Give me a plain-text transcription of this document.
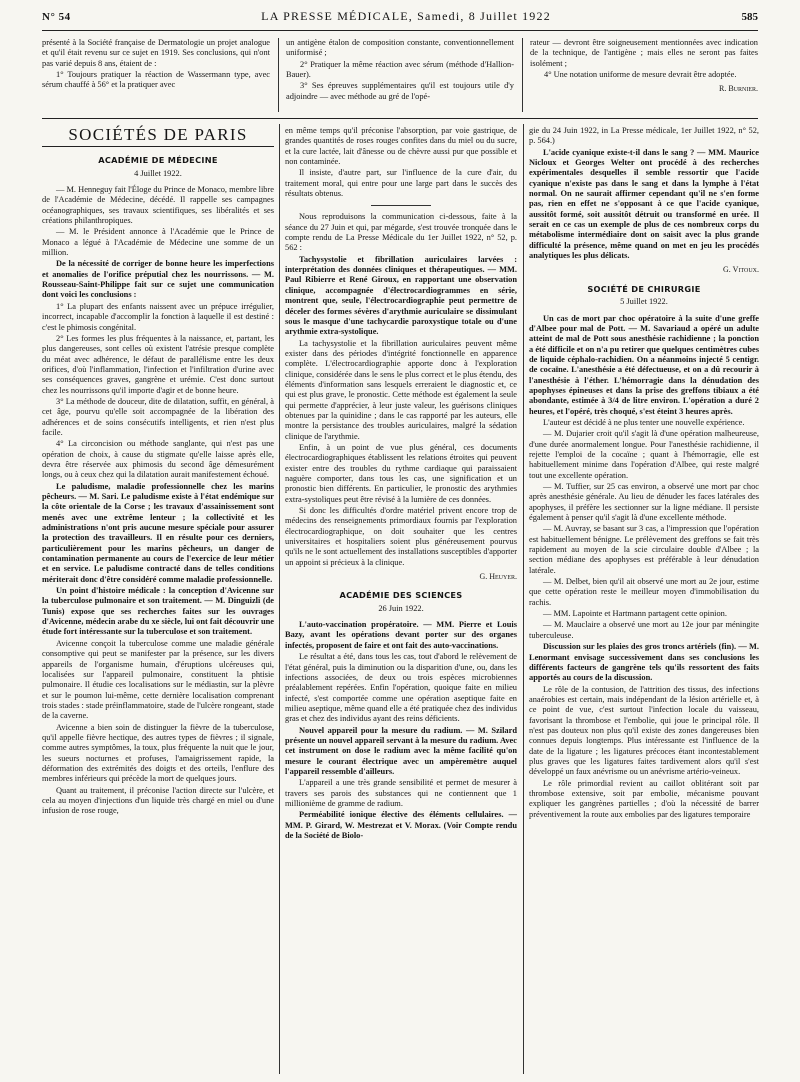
N° 54	LA PRESSE MÉDICALE, Samedi, 8 Juillet 1922	585

présenté à la Société française de Dermatologie un projet analogue et qu'il était revenu sur ce sujet en 1919. Ses conclusions, qui n'ont pas varié depuis 8 ans, étaient de :

1° Toujours pratiquer la réaction de Wassermann type, avec sérum chauffé à 56° et la pratiquer avec

un antigène étalon de composition constante, conventionnellement uniformisé ;

2° Pratiquer la même réaction avec sérum (méthode d'Hallion-Bauer).

3° Ses épreuves supplémentaires qu'il est toujours utile d'y adjoindre — avec méthode au gré de l'opé-

rateur — devront être soigneusement mentionnées avec indication de la technique, de l'antigène ; mais elles ne seront pas faites isolément ;

4° Une notation uniforme de mesure devrait être adoptée.

R. Burnier.

SOCIÉTÉS DE PARIS
ACADÉMIE DE MÉDECINE
4 Juillet 1922.

— M. Henneguy fait l'Éloge du Prince de Monaco, membre libre de l'Académie de Médecine, décédé. Il rappelle ses campagnes océanographiques, ses travaux scientifiques, ses libéralités et ses créations philanthropiques.

— M. le Président annonce à l'Académie que le Prince de Monaco a légué à l'Académie de Médecine une somme de un million.

De la nécessité de corriger de bonne heure les imperfections et anomalies de l'orifice préputial chez les nourrissons. — M. Rousseau-Saint-Philippe fait sur ce sujet une communication dont voici les conclusions :

1° La plupart des enfants naissent avec un prépuce irrégulier, incorrect, incapable d'accomplir la fonction à laquelle il est destiné : c'est le phimosis congénital.

2° Les formes les plus fréquentes à la naissance, et, partant, les plus dangereuses, sont celles où existent l'atrésie presque complète du méat avec adhérence, le défaut de parallélisme entre les deux orifices, d'où l'inflammation, l'infection et l'infiltration d'urine avec ses conséquences graves, gangrène et urémie. C'est donc surtout chez les nourrissons qu'il importe d'agir et de bonne heure.

3° La méthode de douceur, dite de dilatation, suffit, en général, à cet âge, pourvu qu'elle soit accompagnée de la libération des adhérences et de soins consécutifs intelligents, et rien n'est plus facile.

4° La circoncision ou méthode sanglante, qui n'est pas une opération de choix, à cause du stigmate qu'elle laisse après elle, devra être réservée aux phimosis du second âge démesurément longs, ou à ceux chez qui la dilatation aurait manifestement échoué.

Le paludisme, maladie professionnelle chez les marins pêcheurs. — M. Sari. Le paludisme existe à l'état endémique sur la côte orientale de la Corse ; les travaux d'assainissement sont menés avec une extrême lenteur ; la collectivité et les administrations n'ont pris aucune mesure spéciale pour assurer la protection des travailleurs. Il en résulte pour ces derniers, particulièrement pour les marins pêcheurs, un danger de contamination permanente au cours de l'exercice de leur métier et en service. Le paludisme contracté dans de telles conditions mériterait donc d'être considéré comme maladie professionnelle.

Un point d'histoire médicale : la conception d'Avicenne sur la tuberculose pulmonaire et son traitement. — M. Dinguizli (de Tunis) expose que ses recherches faites sur les ouvrages d'Avicenne, médecin arabe du xe siècle, lui ont fait découvrir une étude fort intéressante sur la tuberculose et son traitement.

Avicenne conçoit la tuberculose comme une maladie générale consomptive qui peut se manifester par la présence, sur les divers appareils de l'organisme humain, d'éruptions ulcéreuses qui, localisées sur l'appareil pulmonaire, constituent la phtisie pulmonaire. Il étudie ces localisations sur le médiastin, sur la plèvre et sur le poumon lui-même, cette dernière localisation comprenant trois stades : stade préinflammatoire, stade de l'ulcère rongeant, stade de la caverne.

Avicenne a bien soin de distinguer la fièvre de la tuberculose, qu'il appelle fièvre hectique, des autres types de fièvres ; il signale, comme autres symptômes, la toux, plus fréquente la nuit que le jour, les sueurs nocturnes et profuses, l'amaigrissement rapide, la déformation des extrémités des doigts et des orteils, l'enflure des membres inférieurs qui précède la mort de quelques jours.

Quant au traitement, il préconise l'action directe sur l'ulcère, et cela au moyen d'injections d'un liquide très chargé en miel ou d'une infusion de rose rouge,

en même temps qu'il préconise l'absorption, par voie gastrique, de grandes quantités de roses rouges confites dans du miel ou du sucre, et la cure lactée, lait d'ânesse ou de chèvre aussi pur que possible et non contaminée.

Il insiste, d'autre part, sur l'influence de la cure d'air, du traitement moral, qui entre pour une large part dans le succès des résultats obtenus.

Nous reproduisons la communication ci-dessous, faite à la séance du 27 Juin et qui, par mégarde, s'est trouvée tronquée dans le compte rendu de La Presse Médicale du 1er Juillet 1922, n° 52, p. 562 :

Tachysystolie et fibrillation auriculaires larvées : interprétation des données cliniques et thérapeutiques. — MM. Paul Ribierre et René Giroux, en rapportant une observation clinique, accompagnée d'électrocardiogrammes en série, montrent que, seule, l'électrocardiographie peut permettre de déceler des formes sévères d'arythmie auriculaire se dissimulant sous le masque d'une tachycardie paroxystique totale ou d'une arythmie extra-systolique.

La tachysystolie et la fibrillation auriculaires peuvent même exister dans des périodes d'intégrité fonctionnelle en apparence complète. L'électrocardiographie apporte donc à l'exploration clinique, considérée dans le sens le plus correct et le plus étendu, des éléments d'information sans lesquels erreraient le diagnostic et, ce qui est plus grave, le pronostic. Cette méthode est également la seule qui permette d'apprécier, à leur juste valeur, les guérisons cliniques obtenues par la quinidine ; dans le cas rapporté par les auteurs, elle montre la persistance des troubles auriculaires, malgré la sédation clinique de l'arythmie.

Enfin, à un point de vue plus général, ces documents électrocardiographiques établissent les relations étroites qui peuvent exister entre des troubles du rythme cardiaque qui paraissaient naguère comporter, dans tous les cas, une signification et un pronostic bien différents. En particulier, le pronostic des arythmies extra-systoliques peut être révisé à la lumière de ces données.

Si donc les difficultés d'ordre matériel privent encore trop de médecins des renseignements primordiaux fournis par l'exploration électrocardiographique, on doit souhaiter que les centres universitaires et hospitaliers soient plus généreusement pourvus qu'ils ne le sont actuellement des installations susceptibles d'apporter un appoint si précieux à la clinique.

G. Heuyer.

ACADÉMIE DES SCIENCES
26 Juin 1922.

L'auto-vaccination propératoire. — MM. Pierre et Louis Bazy, avant les opérations devant porter sur des organes infectés, proposent de faire et ont fait des auto-vaccinations.

Le résultat a été, dans tous les cas, tout d'abord le relèvement de l'état général, puis la diminution ou la disparition d'une, ou, dans les infections associées, de deux ou trois espèces microbiennes préalablement repérées. Enfin l'opération, quoique faite en milieu infecté, s'est comportée comme une opération aseptique faite en milieu aseptique, même quand elle a été pratiquée chez des individus gras et chez des individus ayant des reins déficients.

Nouvel appareil pour la mesure du radium. — M. Szilard présente un nouvel appareil servant à la mesure du radium. Avec cet instrument on dose le radium avec la même facilité qu'on mesure le courant électrique avec un ampèremètre auquel l'appareil ressemble d'ailleurs.

L'appareil a une très grande sensibilité et permet de mesurer à travers ses parois des substances qui ne contiennent que 1 millionième de gramme de radium.

Perméabilité ionique élective des éléments cellulaires. — MM. P. Girard, W. Mestrezat et V. Morax. (Voir Compte rendu de la Société de Biolo-

gie du 24 Juin 1922, in La Presse médicale, 1er Juillet 1922, n° 52, p. 564.)

L'acide cyanique existe-t-il dans le sang ? — MM. Maurice Nicloux et Georges Welter ont procédé à des recherches expérimentales desquelles il semble ressortir que l'acide cyanique n'existe pas dans le sang et dans la lymphe à l'état normal. On ne saurait affirmer cependant qu'il ne s'en forme pas, rien en effet ne s'opposant à ce que l'acide cyanique, aussitôt formé, soit aussitôt détruit ou transformé en urée. Il serait en ce cas un exemple de plus de ces nombreux corps du métabolisme intermédiaire dont on saisit avec la plus grande difficulté la présence, même quand on met en jeu les procédés analytiques les plus délicats.

G. Vitoux.

SOCIÉTÉ DE CHIRURGIE
5 Juillet 1922.

Un cas de mort par choc opératoire à la suite d'une greffe d'Albee pour mal de Pott. — M. Savariaud a opéré un adulte atteint de mal de Pott sous anesthésie rachidienne ; la ponction a été difficile et on n'a pu retirer que quelques centimètres cubes de liquide céphalo-rachidien. On a néanmoins injecté 5 centigr. de cocaïne. L'anesthésie a été défectueuse, et on a dû recourir à l'anesthésie à l'éther. L'hémorragie dans la dénudation des apophyses épineuses et dans la prise des greffons tibiaux a été abondante, estimée à 3/4 de litre environ. L'opération a duré 2 heures, et l'opéré, très choqué, s'est éteint 3 heures après.

L'auteur est décidé à ne plus tenter une nouvelle expérience.

— M. Dujarier croit qu'il s'agit là d'une opération malheureuse, d'une durée anormalement longue. Pour l'anesthésie rachidienne, il rejette l'emploi de la cocaïne ; quant à l'hémorragie, elle est habituellement minime dans l'opération d'Albee, qui reste malgré tout une excellente opération.

— M. Tuffier, sur 25 cas environ, a observé une mort par choc après anesthésie générale. Au lieu de dénuder les faces latérales des apophyses, il préfère les sectionner sur la ligne médiane. Il persiste également à penser qu'il s'agit là d'une excellente méthode.

— M. Auvray, se basant sur 3 cas, a l'impression que l'opération est habituellement bénigne. Le prélèvement des greffons se fait très rapidement au moyen de la scie circulaire double d'Albee ; la section médiane des apophyses est préférable à leur dénudation latérale.

— M. Delbet, bien qu'il ait observé une mort au 2e jour, estime que cette opération reste le meilleur moyen d'immobilisation du rachis.

— MM. Lapointe et Hartmann partagent cette opinion.

— M. Mauclaire a observé une mort au 12e jour par méningite tuberculeuse.

Discussion sur les plaies des gros troncs artériels (fin). — M. Lenormant envisage successivement dans ses conclusions les différents facteurs de gangrène tels qu'ils ressortent des faits apportés au cours de la discussion.

Le rôle de la contusion, de l'attrition des tissus, des infections anaérobies est certain, mais indépendant de la lésion artérielle et, à ce point de vue, c'est surtout l'infection locale du vaisseau, favorisant la thrombose et l'embolie, qui joue le principal rôle. Il n'est pas douteux non plus qu'il existe des zones dangereuses bien connues depuis longtemps. Plus intéressante est l'influence de la date de la ligature ; les ligatures précoces étant incontestablement plus graves que les ligatures faites tardivement alors qu'il s'est développé un faux anévrisme ou un anévrisme artério-veineux.

Le rôle primordial revient au caillot oblitérant soit par thrombose extensive, soit par embolie, mécanisme pouvant expliquer les gangrènes partielles ; d'où la nécessité de barrer préventivement la route aux embolies par des ligatures temporaire
